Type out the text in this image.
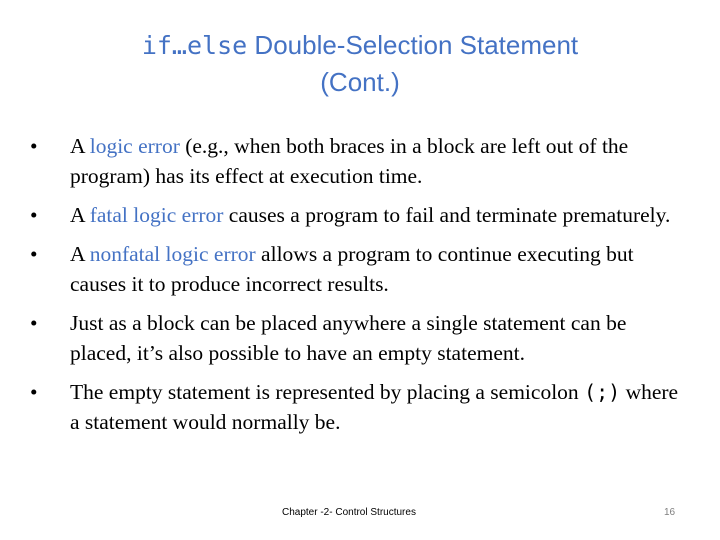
if…else Double-Selection Statement
(Cont.)
•	A logic error (e.g., when both braces in a block are left out of the program) has its effect at execution time.
•	A fatal logic error causes a program to fail and terminate prematurely.
•	A nonfatal logic error allows a program to continue executing but causes it to produce incorrect results.
•	Just as a block can be placed anywhere a single statement can be placed, it’s also possible to have an empty statement.
•	The empty statement is represented by placing a semicolon (;) where a statement would normally be.
Chapter -2- Control Structures	16
